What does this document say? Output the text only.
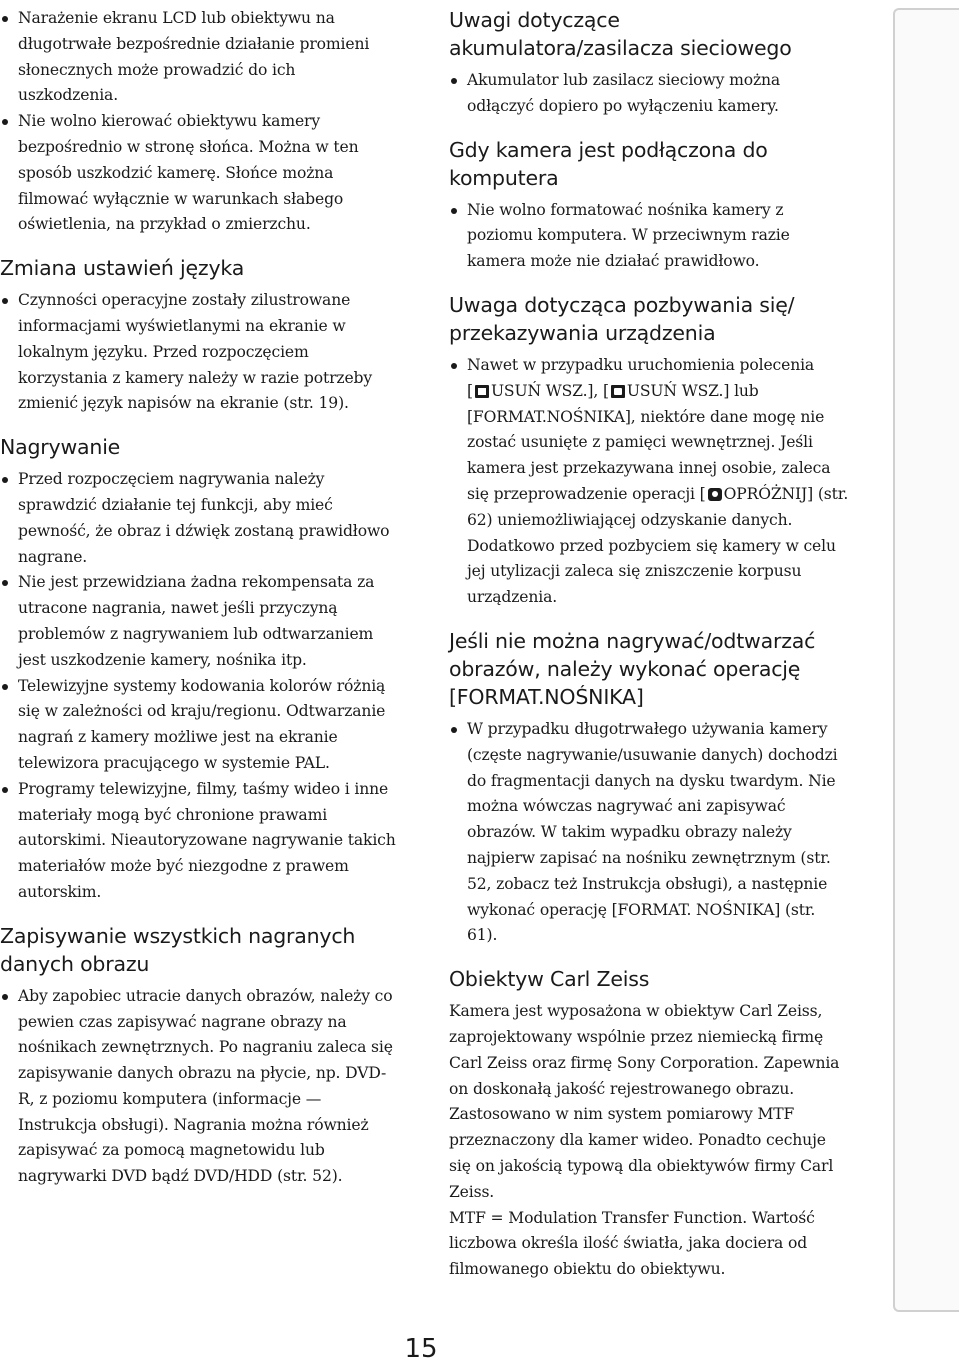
Narażenie ekranu LCD lub obiektywu na długotrwałe bezpośrednie działanie promieni słonecznych może prowadzić do ich uszkodzenia.
Nie wolno kierować obiektywu kamery bezpośrednio w stronę słońca. Można w ten sposób uszkodzić kamerę. Słońce można filmować wyłącznie w warunkach słabego oświetlenia, na przykład o zmierzchu.
Zmiana ustawień języka
Czynności operacyjne zostały zilustrowane informacjami wyświetlanymi na ekranie w lokalnym języku. Przed rozpoczęciem korzystania z kamery należy w razie potrzeby zmienić język napisów na ekranie (str. 19).
Nagrywanie
Przed rozpoczęciem nagrywania należy sprawdzić działanie tej funkcji, aby mieć pewność, że obraz i dźwięk zostaną prawidłowo nagrane.
Nie jest przewidziana żadna rekompensata za utracone nagrania, nawet jeśli przyczyną problemów z nagrywaniem lub odtwarzaniem jest uszkodzenie kamery, nośnika itp.
Telewizyjne systemy kodowania kolorów różnią się w zależności od kraju/regionu. Odtwarzanie nagrań z kamery możliwe jest na ekranie telewizora pracującego w systemie PAL.
Programy telewizyjne, filmy, taśmy wideo i inne materiały mogą być chronione prawami autorskimi. Nieautoryzowane nagrywanie takich materiałów może być niezgodne z prawem autorskim.
Zapisywanie wszystkich nagranych danych obrazu
Aby zapobiec utracie danych obrazów, należy co pewien czas zapisywać nagrane obrazy na nośnikach zewnętrznych. Po nagraniu zaleca się zapisywanie danych obrazu na płycie, np. DVD-R, z poziomu komputera (informacje — Instrukcja obsługi). Nagrania można również zapisywać za pomocą magnetowidu lub nagrywarki DVD bądź DVD/HDD (str. 52).
Uwagi dotyczące akumulatora/zasilacza sieciowego
Akumulator lub zasilacz sieciowy można odłączyć dopiero po wyłączeniu kamery.
Gdy kamera jest podłączona do komputera
Nie wolno formatować nośnika kamery z poziomu komputera. W przeciwnym razie kamera może nie działać prawidłowo.
Uwaga dotycząca pozbywania się/ przekazywania urządzenia
Nawet w przypadku uruchomienia polecenia
[ USUŃ WSZ.], [ USUŃ WSZ.] lub
[FORMAT.NOŚNIKA], niektóre dane mogę nie zostać usunięte z pamięci wewnętrznej. Jeśli kamera jest przekazywana innej osobie, zaleca się przeprowadzenie operacji [ OPRÓŻNIJ] (str. 62) uniemożliwiającej odzyskanie danych. Dodatkowo przed pozbyciem się kamery w celu jej utylizacji zaleca się zniszczenie korpusu urządzenia.
Jeśli nie można nagrywać/odtwarzać obrazów, należy wykonać operację [FORMAT.NOŚNIKA]
W przypadku długotrwałego używania kamery (częste nagrywanie/usuwanie danych) dochodzi do fragmentacji danych na dysku twardym. Nie można wówczas nagrywać ani zapisywać obrazów. W takim wypadku obrazy należy najpierw zapisać na nośniku zewnętrznym (str. 52, zobacz też Instrukcja obsługi), a następnie wykonać operację [FORMAT. NOŚNIKA] (str. 61).
Obiektyw Carl Zeiss

Kamera jest wyposażona w obiektyw Carl Zeiss, zaprojektowany wspólnie przez niemiecką firmę Carl Zeiss oraz firmę Sony Corporation. Zapewnia on doskonałą jakość rejestrowanego obrazu. Zastosowano w nim system pomiarowy MTF przeznaczony dla kamer wideo. Ponadto cechuje się on jakością typową dla obiektywów firmy Carl Zeiss.

MTF = Modulation Transfer Function. Wartość liczbowa określa ilość światła, jaka dociera od filmowanego obiektu do obiektywu.

15
